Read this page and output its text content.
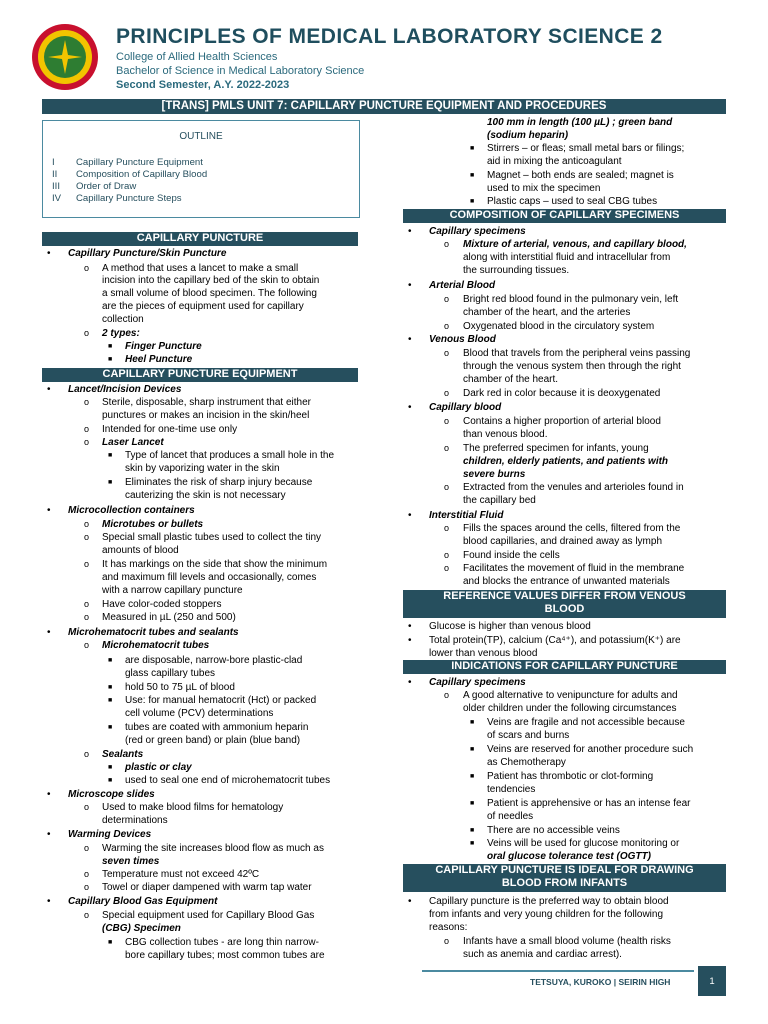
PRINCIPLES OF MEDICAL LABORATORY SCIENCE 2
College of Allied Health Sciences
Bachelor of Science in Medical Laboratory Science
Second Semester, A.Y. 2022-2023
[TRANS] PMLS UNIT 7: CAPILLARY PUNCTURE EQUIPMENT AND PROCEDURES
OUTLINE
I Capillary Puncture Equipment
II Composition of Capillary Blood
III Order of Draw
IV Capillary Puncture Steps
CAPILLARY PUNCTURE
CAPILLARY PUNCTURE EQUIPMENT
COMPOSITION OF CAPILLARY SPECIMENS
REFERENCE VALUES DIFFER FROM VENOUS
BLOOD
INDICATIONS FOR CAPILLARY PUNCTURE
CAPILLARY PUNCTURE IS IDEAL FOR DRAWING
BLOOD FROM INFANTS
• Capillary Puncture/Skin Puncture
o A method that uses a lancet to make a small
incision into the capillary bed of the skin to obtain
a small volume of blood specimen. The following
are the pieces of equipment used for capillary
collection
o 2 types:
■ Finger Puncture
■ Heel Puncture
• Lancet/Incision Devices
o Sterile, disposable, sharp instrument that either
punctures or makes an incision in the skin/heel
o Intended for one-time use only
o Laser Lancet
■ Type of lancet that produces a small hole in the
skin by vaporizing water in the skin
■ Eliminates the risk of sharp injury because
cauterizing the skin is not necessary
• Microcollection containers
o Microtubes or bullets
o Special small plastic tubes used to collect the tiny
amounts of blood
o It has markings on the side that show the minimum
and maximum fill levels and occasionally, comes
with a narrow capillary puncture
o Have color-coded stoppers
o Measured in µL (250 and 500)
• Microhematocrit tubes and sealants
o Microhematocrit tubes
■ are disposable, narrow-bore plastic-clad
glass capillary tubes
■ hold 50 to 75 µL of blood
■ Use: for manual hematocrit (Hct) or packed
cell volume (PCV) determinations
■ tubes are coated with ammonium heparin
(red or green band) or plain (blue band)
o Sealants
■ plastic or clay
■ used to seal one end of microhematocrit tubes
• Microscope slides
o Used to make blood films for hematology
determinations
• Warming Devices
o Warming the site increases blood flow as much as
seven times
o Temperature must not exceed 42ºC
o Towel or diaper dampened with warm tap water
• Capillary Blood Gas Equipment
o Special equipment used for Capillary Blood Gas
(CBG) Specimen
■ CBG collection tubes - are long thin narrow-
bore capillary tubes; most common tubes are
100 mm in length (100 µL) ; green band
(sodium heparin)
■ Stirrers – or fleas; small metal bars or filings;
aid in mixing the anticoagulant
■ Magnet – both ends are sealed; magnet is
used to mix the specimen
■ Plastic caps – used to seal CBG tubes
• Capillary specimens
o Mixture of arterial, venous, and capillary blood,
along with interstitial fluid and intracellular from
the surrounding tissues.
• Arterial Blood
o Bright red blood found in the pulmonary vein, left
chamber of the heart, and the arteries
o Oxygenated blood in the circulatory system
• Venous Blood
o Blood that travels from the peripheral veins passing
through the venous system then through the right
chamber of the heart.
o Dark red in color because it is deoxygenated
• Capillary blood
o Contains a higher proportion of arterial blood
than venous blood.
o The preferred specimen for infants, young
children, elderly patients, and patients with
severe burns
o Extracted from the venules and arterioles found in
the capillary bed
• Interstitial Fluid
o Fills the spaces around the cells, filtered from the
blood capillaries, and drained away as lymph
o Found inside the cells
o Facilitates the movement of fluid in the membrane
and blocks the entrance of unwanted materials
• Glucose is higher than venous blood
• Total protein(TP), calcium (Ca⁴⁺), and potassium(K⁺) are
lower than venous blood
• Capillary specimens
o A good alternative to venipuncture for adults and
older children under the following circumstances
■ Veins are fragile and not accessible because
of scars and burns
■ Veins are reserved for another procedure such
as Chemotherapy
■ Patient has thrombotic or clot-forming
tendencies
■ Patient is apprehensive or has an intense fear
of needles
■ There are no accessible veins
■ Veins will be used for glucose monitoring or
oral glucose tolerance test (OGTT)
• Capillary puncture is the preferred way to obtain blood
from infants and very young children for the following
reasons:
o Infants have a small blood volume (health risks
such as anemia and cardiac arrest).
TETSUYA, KUROKO | SEIRIN HIGH	1
